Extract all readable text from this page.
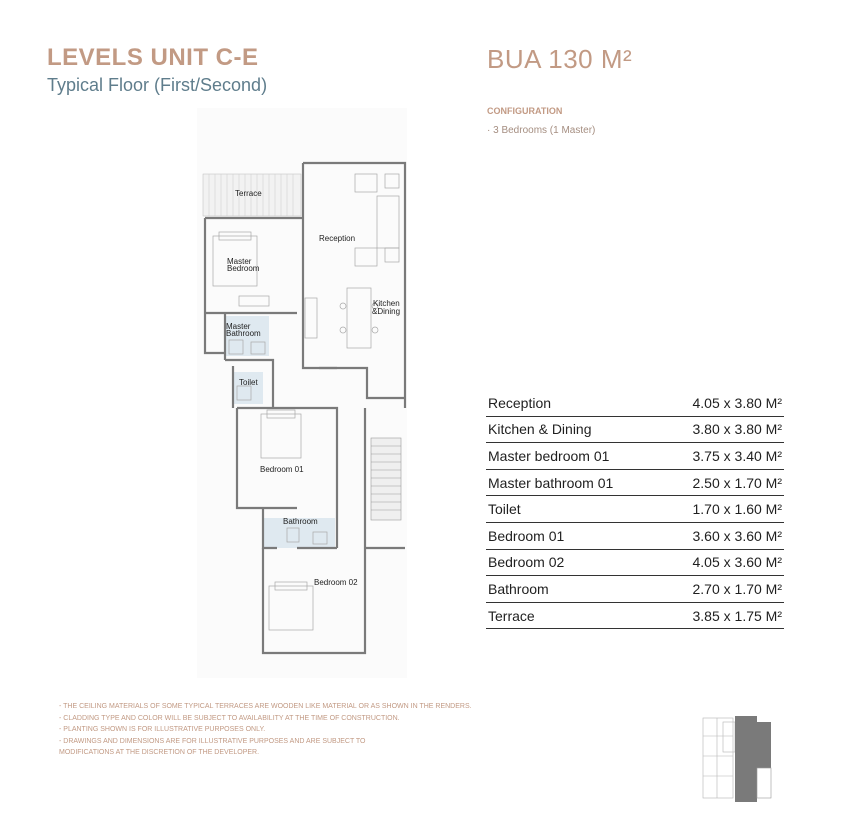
LEVELS UNIT C-E
Typical Floor (First/Second)
BUA 130 M²
CONFIGURATION
· 3 Bedrooms (1 Master)
Terrace
Reception
Master
Bedroom
Kitchen
&Dining
Master
Bathroom
Toilet
Bedroom 01
Bathroom
Bedroom 02
Reception	4.05 x 3.80 M²
Kitchen & Dining	3.80 x 3.80 M²
Master bedroom 01	3.75 x 3.40 M²
Master bathroom 01	2.50 x 1.70 M²
Toilet	1.70 x 1.60 M²
Bedroom 01	3.60 x 3.60 M²
Bedroom 02	4.05 x 3.60 M²
Bathroom	2.70 x 1.70 M²
Terrace	3.85 x 1.75 M²
- THE CEILING MATERIALS OF SOME TYPICAL TERRACES ARE WOODEN LIKE MATERIAL OR AS SHOWN IN THE RENDERS.
- CLADDING TYPE AND COLOR WILL BE SUBJECT TO AVAILABILITY AT THE TIME OF CONSTRUCTION.
- PLANTING SHOWN IS FOR ILLUSTRATIVE PURPOSES ONLY.
- DRAWINGS AND DIMENSIONS ARE FOR ILLUSTRATIVE PURPOSES AND ARE SUBJECT TO
MODIFICATIONS AT THE DISCRETION OF THE DEVELOPER.
